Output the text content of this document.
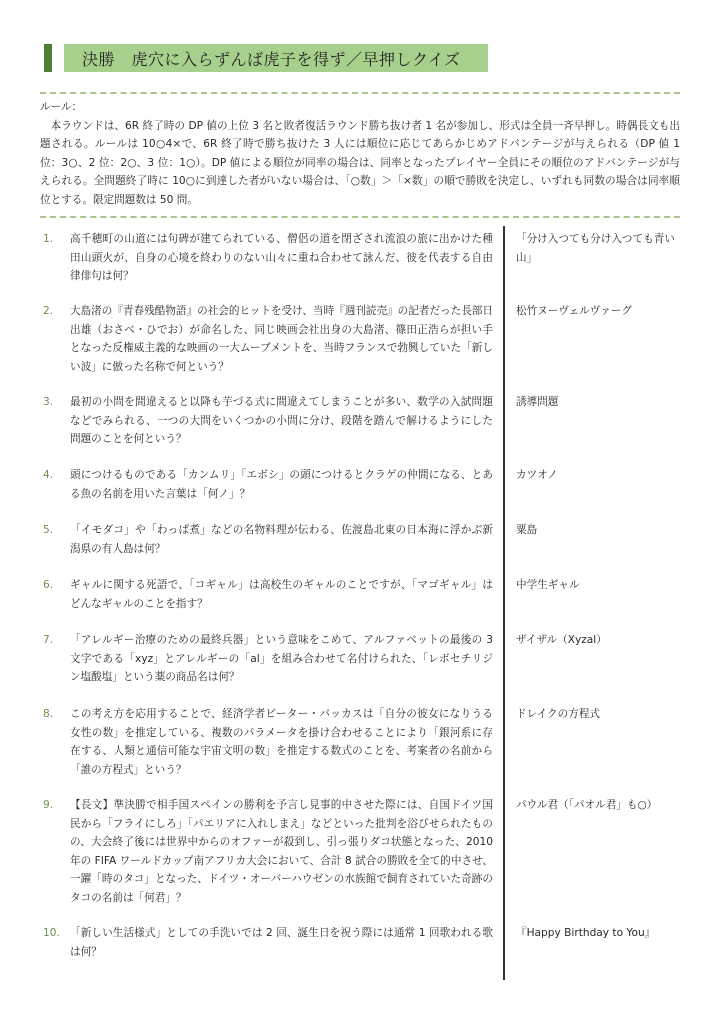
決勝　虎穴に入らずんば虎子を得ず／早押しクイズ
ルール：
本ラウンドは、6R 終了時の DP 値の上位 3 名と敗者復活ラウンド勝ち抜け者 1 名が参加し、形式は全員一斉早押し。時偶長文も出題される。ルールは 10○4×で、6R 終了時で勝ち抜けた 3 人には順位に応じてあらかじめアドバンテージが与えられる（DP 値 1 位：3○、2 位：2○、3 位：1○）。DP 値による順位が同率の場合は、同率となったプレイヤー全員にその順位のアドバンテージが与えられる。全問題終了時に 10○に到達した者がいない場合は、「○数」＞「×数」の順で勝敗を決定し、いずれも同数の場合は同率順位とする。限定問題数は 50 問。
1. 高千穂町の山道には句碑が建てられている、僧侶の道を閉ざされ流浪の旅に出かけた種田山頭火が、自身の心境を終わりのない山々に重ね合わせて詠んだ、彼を代表する自由律俳句は何？
「分け入つても分け入つても青い山」
2. 大島渚の『青春残酷物語』の社会的ヒットを受け、当時『週刊読売』の記者だった長部日出雄（おさべ・ひでお）が命名した、同じ映画会社出身の大島渚、篠田正浩らが担い手となった反権威主義的な映画の一大ムーブメントを、当時フランスで勃興していた「新しい波」に倣った名称で何という？
松竹ヌーヴェルヴァーグ
3. 最初の小問を間違えると以降も芋づる式に間違えてしまうことが多い、数学の入試問題などでみられる、一つの大問をいくつかの小問に分け、段階を踏んで解けるようにした問題のことを何という？
誘導問題
4. 頭につけるものである「カンムリ」「エボシ」の頭につけるとクラゲの仲間になる、とある魚の名前を用いた言葉は「何ノ」？
カツオノ
5. 「イモダコ」や「わっぱ煮」などの名物料理が伝わる、佐渡島北東の日本海に浮かぶ新潟県の有人島は何？
粟島
6. ギャルに関する死語で、「コギャル」は高校生のギャルのことですが、「マゴギャル」はどんなギャルのことを指す？
中学生ギャル
7. 「アレルギー治療のための最終兵器」という意味をこめて、アルファベットの最後の 3 文字である「xyz」とアレルギーの「al」を組み合わせて名付けられた、「レボセチリジン塩酸塩」という薬の商品名は何？
ザイザル（Xyzal）
8. この考え方を応用することで、経済学者ピーター・バッカスは「自分の彼女になりうる女性の数」を推定している、複数のパラメータを掛け合わせることにより「銀河系に存在する、人類と通信可能な宇宙文明の数」を推定する数式のことを、考案者の名前から「誰の方程式」という？
ドレイクの方程式
9. 【長文】準決勝で相手国スペインの勝利を予言し見事的中させた際には、自国ドイツ国民から「フライにしろ」「パエリアに入れしまえ」などといった批判を浴びせられたものの、大会終了後には世界中からのオファーが殺到し、引っ張りダコ状態となった、2010 年の FIFA ワールドカップ南アフリカ大会において、合計 8 試合の勝敗を全て的中させ、一躍「時のタコ」となった、ドイツ・オーバーハウゼンの水族館で飼育されていた奇跡のタコの名前は「何君」？
パウル君（「パオル君」も○）
10. 「新しい生活様式」としての手洗いでは 2 回、誕生日を祝う際には通常 1 回歌われる歌は何？
『Happy Birthday to You』
